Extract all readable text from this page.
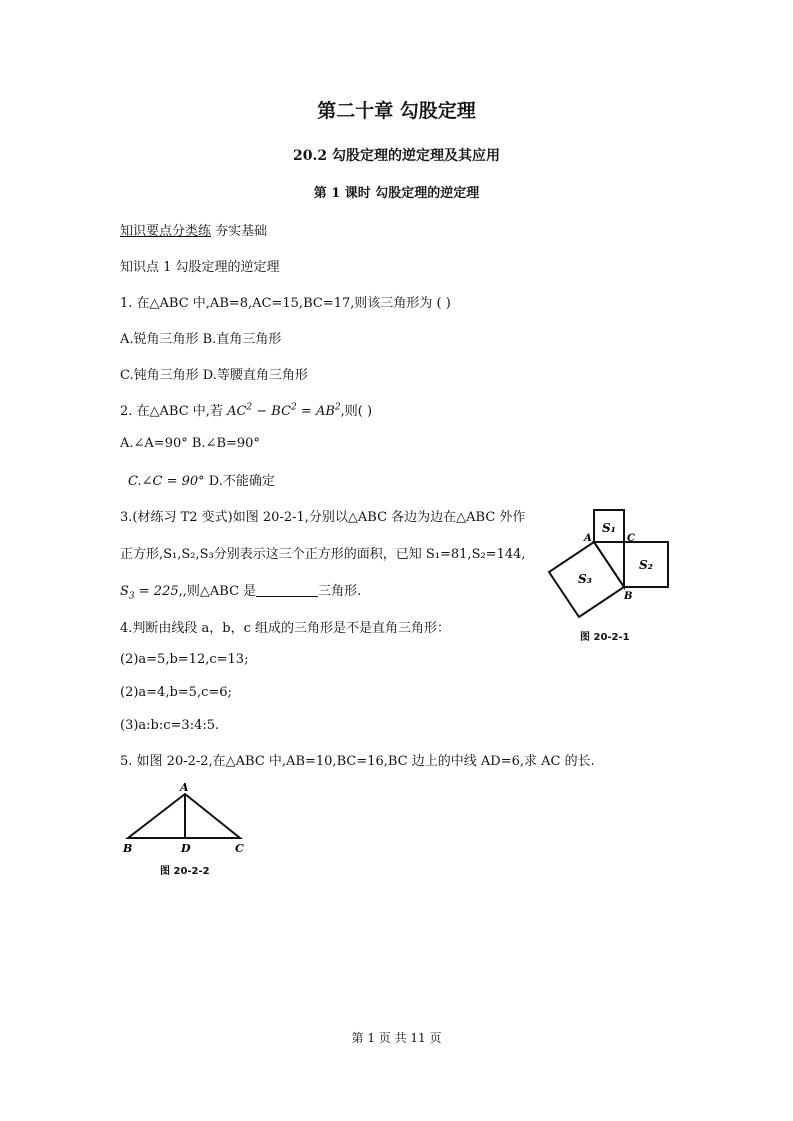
第二十章 勾股定理
20.2 勾股定理的逆定理及其应用
第 1 课时 勾股定理的逆定理
知识要点分类练 夯实基础
知识点 1 勾股定理的逆定理
1. 在△ABC 中,AB=8,AC=15,BC=17,则该三角形为 ( )
A.锐角三角形 B.直角三角形
C.钝角三角形 D.等腰直角三角形
2. 在△ABC 中,若 $AC^2 - BC^2 = AB^2$,则( )
A.∠A=90° B.∠B=90°
C.∠C = 90° D.不能确定
3.(材练习 T2 变式)如图 20-2-1,分别以△ABC 各边为边在△ABC 外作
正方形,S₁,S₂,S₃分别表示这三个正方形的面积，已知 S₁=81,S₂=144,
$S_3 = 225$,,则△ABC 是	三角形.
4.判断由线段 a，b，c 组成的三角形是不是直角三角形：
(2)a=5,b=12,c=13;
(2)a=4,b=5,c=6;
(3)a:b:c=3:4:5.
5. 如图 20-2-2,在△ABC 中,AB=10,BC=16,BC 边上的中线 AD=6,求 AC 的长.
S₁
S₂
S₃
A	C
B
图 20-2-1
A
B	D	C
图 20-2-2
第 1 页 共 11 页
